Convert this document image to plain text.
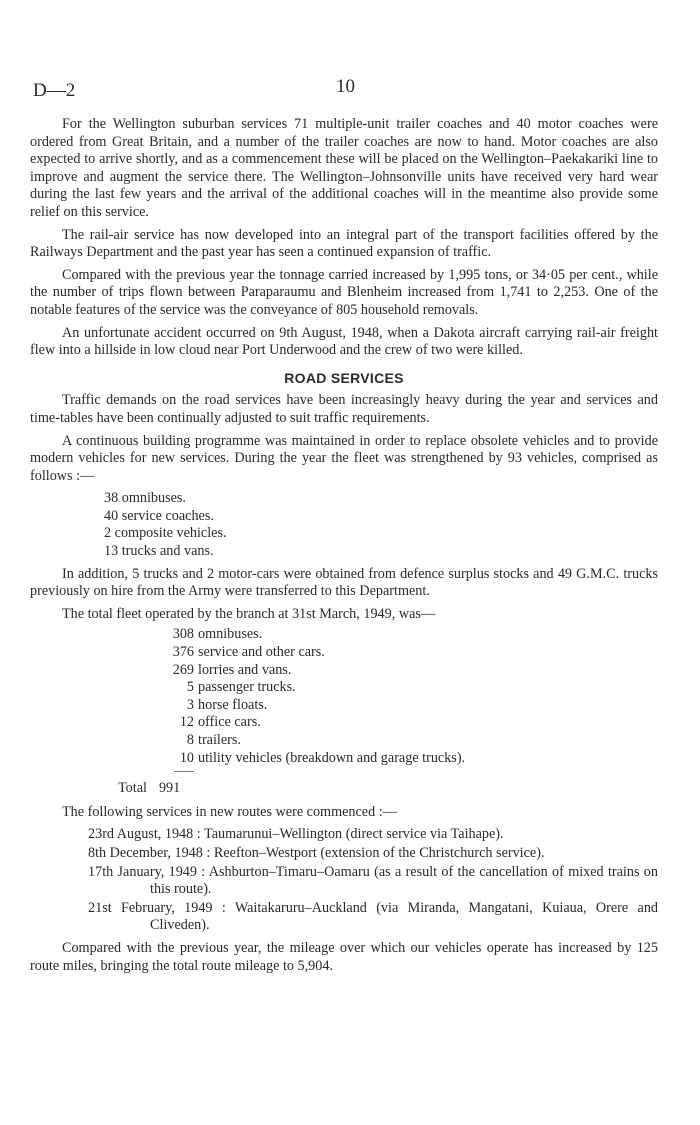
D—2	10

For the Wellington suburban services 71 multiple-unit trailer coaches and 40 motor coaches were ordered from Great Britain, and a number of the trailer coaches are now to hand. Motor coaches are also expected to arrive shortly, and as a commencement these will be placed on the Wellington–Paekakariki line to improve and augment the service there. The Wellington–Johnsonville units have received very hard wear during the last few years and the arrival of the additional coaches will in the meantime also provide some relief on this service.

The rail-air service has now developed into an integral part of the transport facilities offered by the Railways Department and the past year has seen a continued expansion of traffic.

Compared with the previous year the tonnage carried increased by 1,995 tons, or 34·05 per cent., while the number of trips flown between Paraparaumu and Blenheim increased from 1,741 to 2,253. One of the notable features of the service was the conveyance of 805 household removals.

An unfortunate accident occurred on 9th August, 1948, when a Dakota aircraft carrying rail-air freight flew into a hillside in low cloud near Port Underwood and the crew of two were killed.

ROAD SERVICES

Traffic demands on the road services have been increasingly heavy during the year and services and time-tables have been continually adjusted to suit traffic requirements.

A continuous building programme was maintained in order to replace obsolete vehicles and to provide modern vehicles for new services. During the year the fleet was strengthened by 93 vehicles, comprised as follows :—

38 omnibuses.
40 service coaches.
2 composite vehicles.
13 trucks and vans.

In addition, 5 trucks and 2 motor-cars were obtained from defence surplus stocks and 49 G.M.C. trucks previously on hire from the Army were transferred to this Department.

The total fleet operated by the branch at 31st March, 1949, was—

308 omnibuses.
376 service and other cars.
269 lorries and vans.
5 passenger trucks.
3 horse floats.
12 office cars.
8 trailers.
10 utility vehicles (breakdown and garage trucks).
Total 991

The following services in new routes were commenced :—

23rd August, 1948 : Taumarunui–Wellington (direct service via Taihape).
8th December, 1948 : Reefton–Westport (extension of the Christchurch service).
17th January, 1949 : Ashburton–Timaru–Oamaru (as a result of the cancellation of mixed trains on this route).
21st February, 1949 : Waitakaruru–Auckland (via Miranda, Mangatani, Kuiaua, Orere and Cliveden).

Compared with the previous year, the mileage over which our vehicles operate has increased by 125 route miles, bringing the total route mileage to 5,904.
